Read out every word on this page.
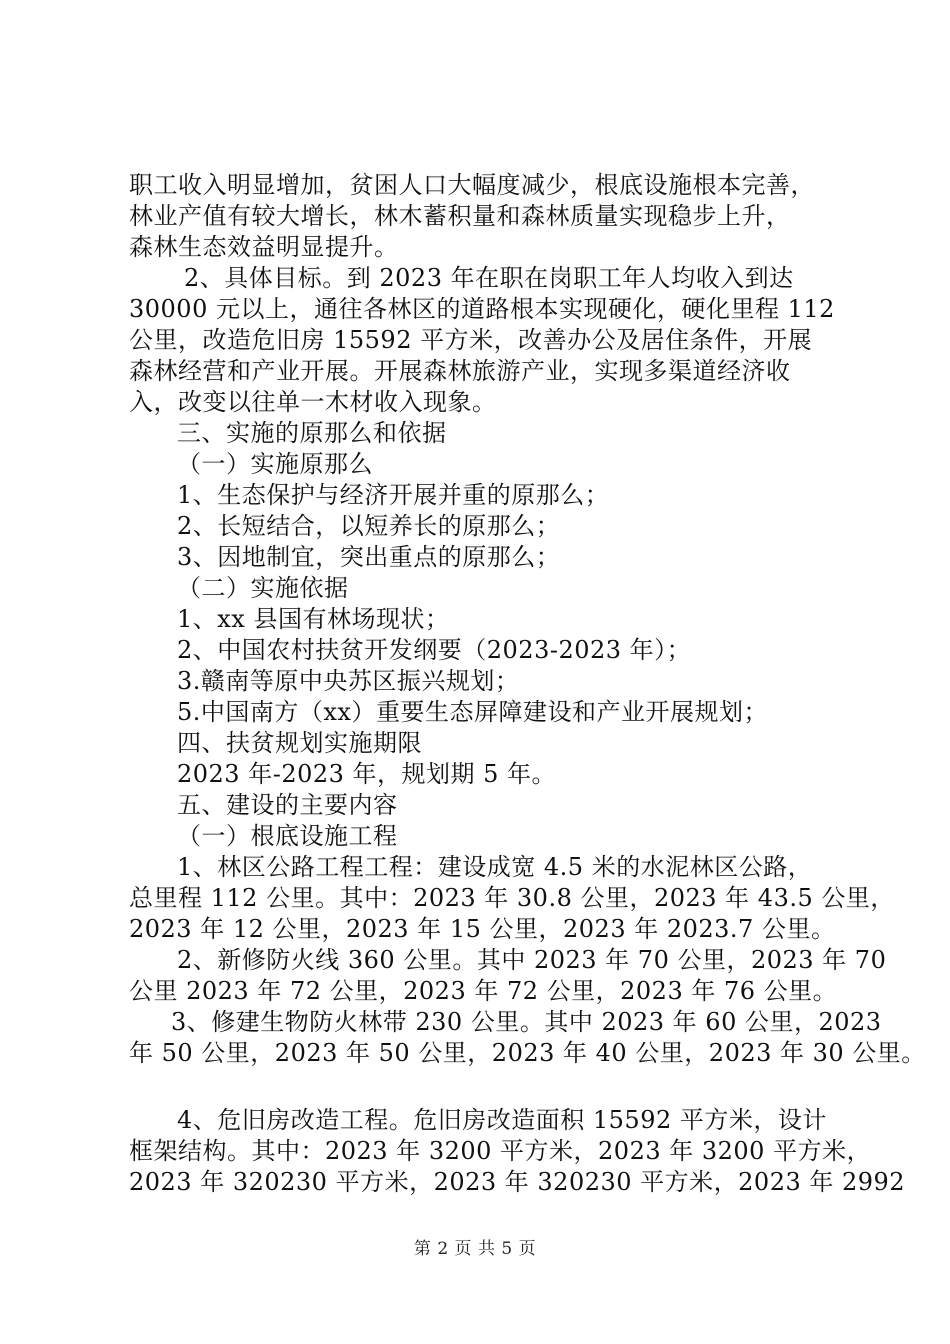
职工收入明显增加，贫困人口大幅度减少，根底设施根本完善，
林业产值有较大增长，林木蓄积量和森林质量实现稳步上升，
森林生态效益明显提升。
2、具体目标。到 2023 年在职在岗职工年人均收入到达
30000 元以上，通往各林区的道路根本实现硬化，硬化里程 112
公里，改造危旧房 15592 平方米，改善办公及居住条件，开展
森林经营和产业开展。开展森林旅游产业，实现多渠道经济收
入，改变以往单一木材收入现象。
三、实施的原那么和依据
（一）实施原那么
1、生态保护与经济开展并重的原那么；
2、长短结合，以短养长的原那么；
3、因地制宜，突出重点的原那么；
（二）实施依据
1、xx 县国有林场现状；
2、中国农村扶贫开发纲要（2023-2023 年）；
3.赣南等原中央苏区振兴规划；
5.中国南方（xx）重要生态屏障建设和产业开展规划；
四、扶贫规划实施期限
2023 年-2023 年，规划期 5 年。
五、建设的主要内容
（一）根底设施工程
1、林区公路工程工程：建设成宽 4.5 米的水泥林区公路，
总里程 112 公里。其中：2023 年 30.8 公里，2023 年 43.5 公里，
2023 年 12 公里，2023 年 15 公里，2023 年 2023.7 公里。
2、新修防火线 360 公里。其中 2023 年 70 公里，2023 年 70
公里 2023 年 72 公里，2023 年 72 公里，2023 年 76 公里。
3、修建生物防火林带 230 公里。其中 2023 年 60 公里，2023
年 50 公里，2023 年 50 公里，2023 年 40 公里，2023 年 30 公里。
4、危旧房改造工程。危旧房改造面积 15592 平方米，设计
框架结构。其中：2023 年 3200 平方米，2023 年 3200 平方米，
2023 年 320230 平方米，2023 年 320230 平方米，2023 年 2992
第 2 页 共 5 页
